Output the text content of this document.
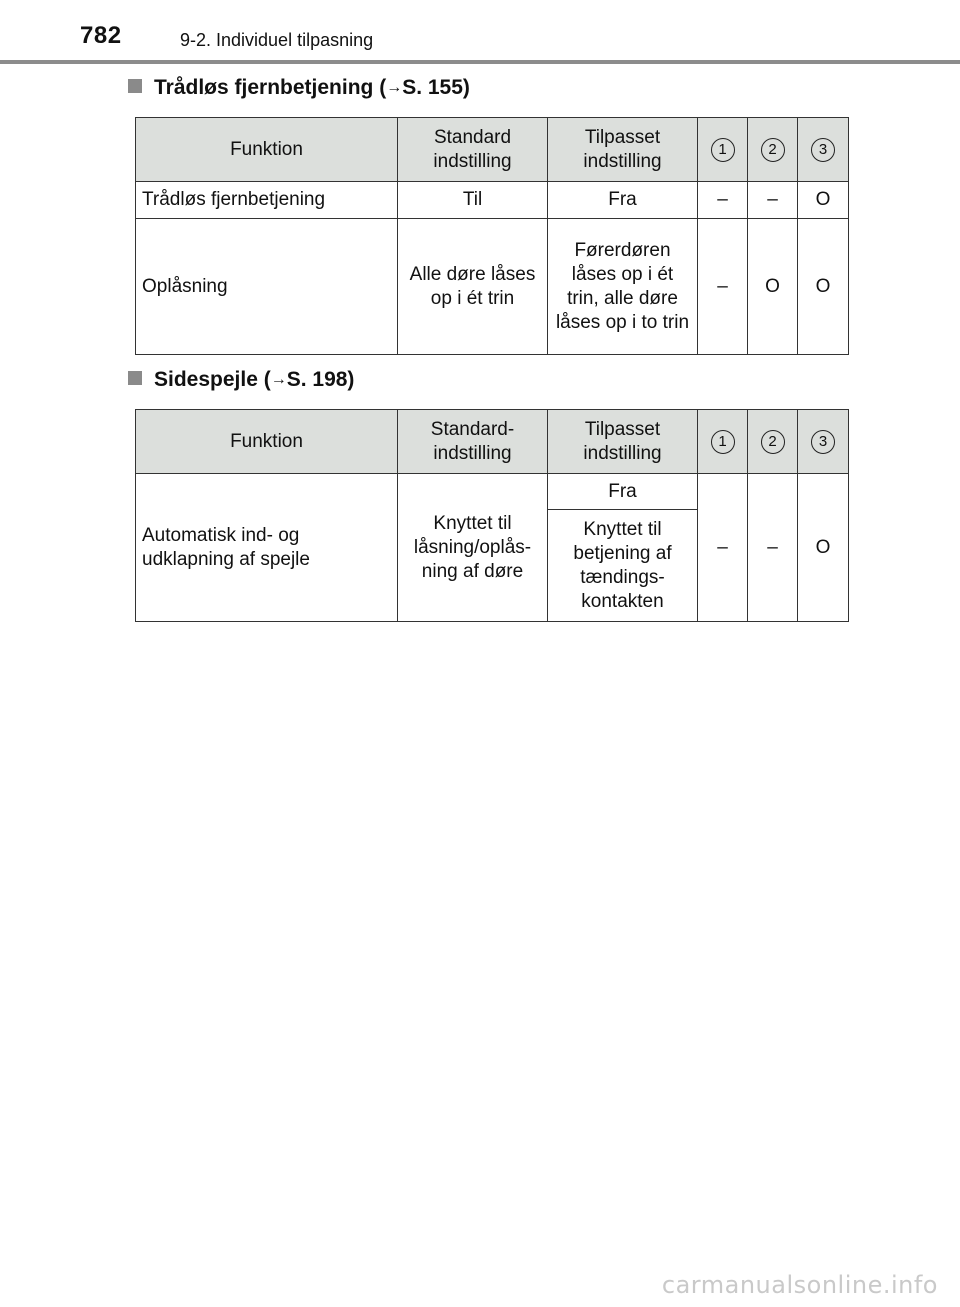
782	9-2. Individuel tilpasning
Trådløs fjernbetjening (→S. 155)
Funktion	Standard indstilling	Tilpasset indstilling	1	2	3
Trådløs fjernbetjening	Til	Fra	–	–	O
Oplåsning	Alle døre låses op i ét trin	Førerdøren låses op i ét trin, alle døre låses op i to trin	–	O	O
Sidespejle (→S. 198)
Funktion	Standard-indstilling	Tilpasset indstilling	1	2	3
Automatisk ind- og udklapning af spejle	Knyttet til låsning/oplås-ning af døre	Fra	–	–	O
		Knyttet til betjening af tændings-kontakten			
carmanualsonline.info
